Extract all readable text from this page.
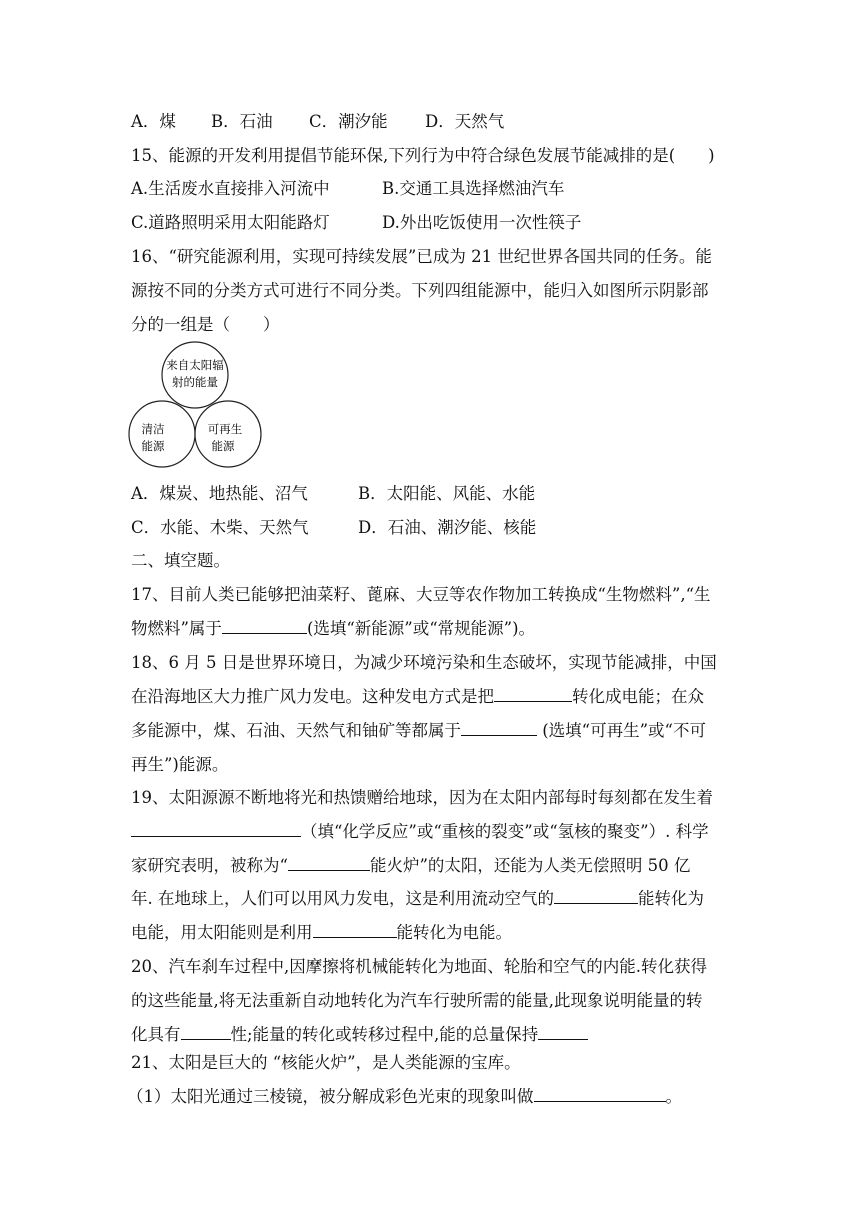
A．煤 B．石油 C．潮汐能 D．天然气
15、能源的开发利用提倡节能环保,下列行为中符合绿色发展节能减排的是(　　)
A.生活废水直接排入河流中	B.交通工具选择燃油汽车
C.道路照明采用太阳能路灯	D.外出吃饭使用一次性筷子
16、“研究能源利用，实现可持续发展”已成为 21 世纪世界各国共同的任务。能
源按不同的分类方式可进行不同分类。下列四组能源中，能归入如图所示阴影部
分的一组是（　　）
来自太阳辐
射的能量
清洁
能源
可再生
能源
A．煤炭、地热能、沼气	B．太阳能、风能、水能
C．水能、木柴、天然气	D．石油、潮汐能、核能
二、填空题。
17、目前人类已能够把油菜籽、蓖麻、大豆等农作物加工转换成“生物燃料”,“生
物燃料”属于	(选填“新能源”或“常规能源”)。
18、6 月 5 日是世界环境日，为减少环境污染和生态破坏，实现节能减排，中国
在沿海地区大力推广风力发电。这种发电方式是把	转化成电能；在众
多能源中，煤、石油、天然气和铀矿等都属于	(选填“可再生”或“不可
再生”)能源。
19、太阳源源不断地将光和热馈赠给地球，因为在太阳内部每时每刻都在发生着
（填“化学反应”或“重核的裂变”或“氢核的聚变”）. 科学
家研究表明，被称为“	能火炉”的太阳，还能为人类无偿照明 50 亿
年. 在地球上，人们可以用风力发电，这是利用流动空气的	能转化为
电能，用太阳能则是利用	能转化为电能。
20、汽车刹车过程中,因摩擦将机械能转化为地面、轮胎和空气的内能.转化获得
的这些能量,将无法重新自动地转化为汽车行驶所需的能量,此现象说明能量的转
化具有	性;能量的转化或转移过程中,能的总量保持
21、太阳是巨大的 “核能火炉”，是人类能源的宝库。
（1）太阳光通过三棱镜，被分解成彩色光束的现象叫做	。
